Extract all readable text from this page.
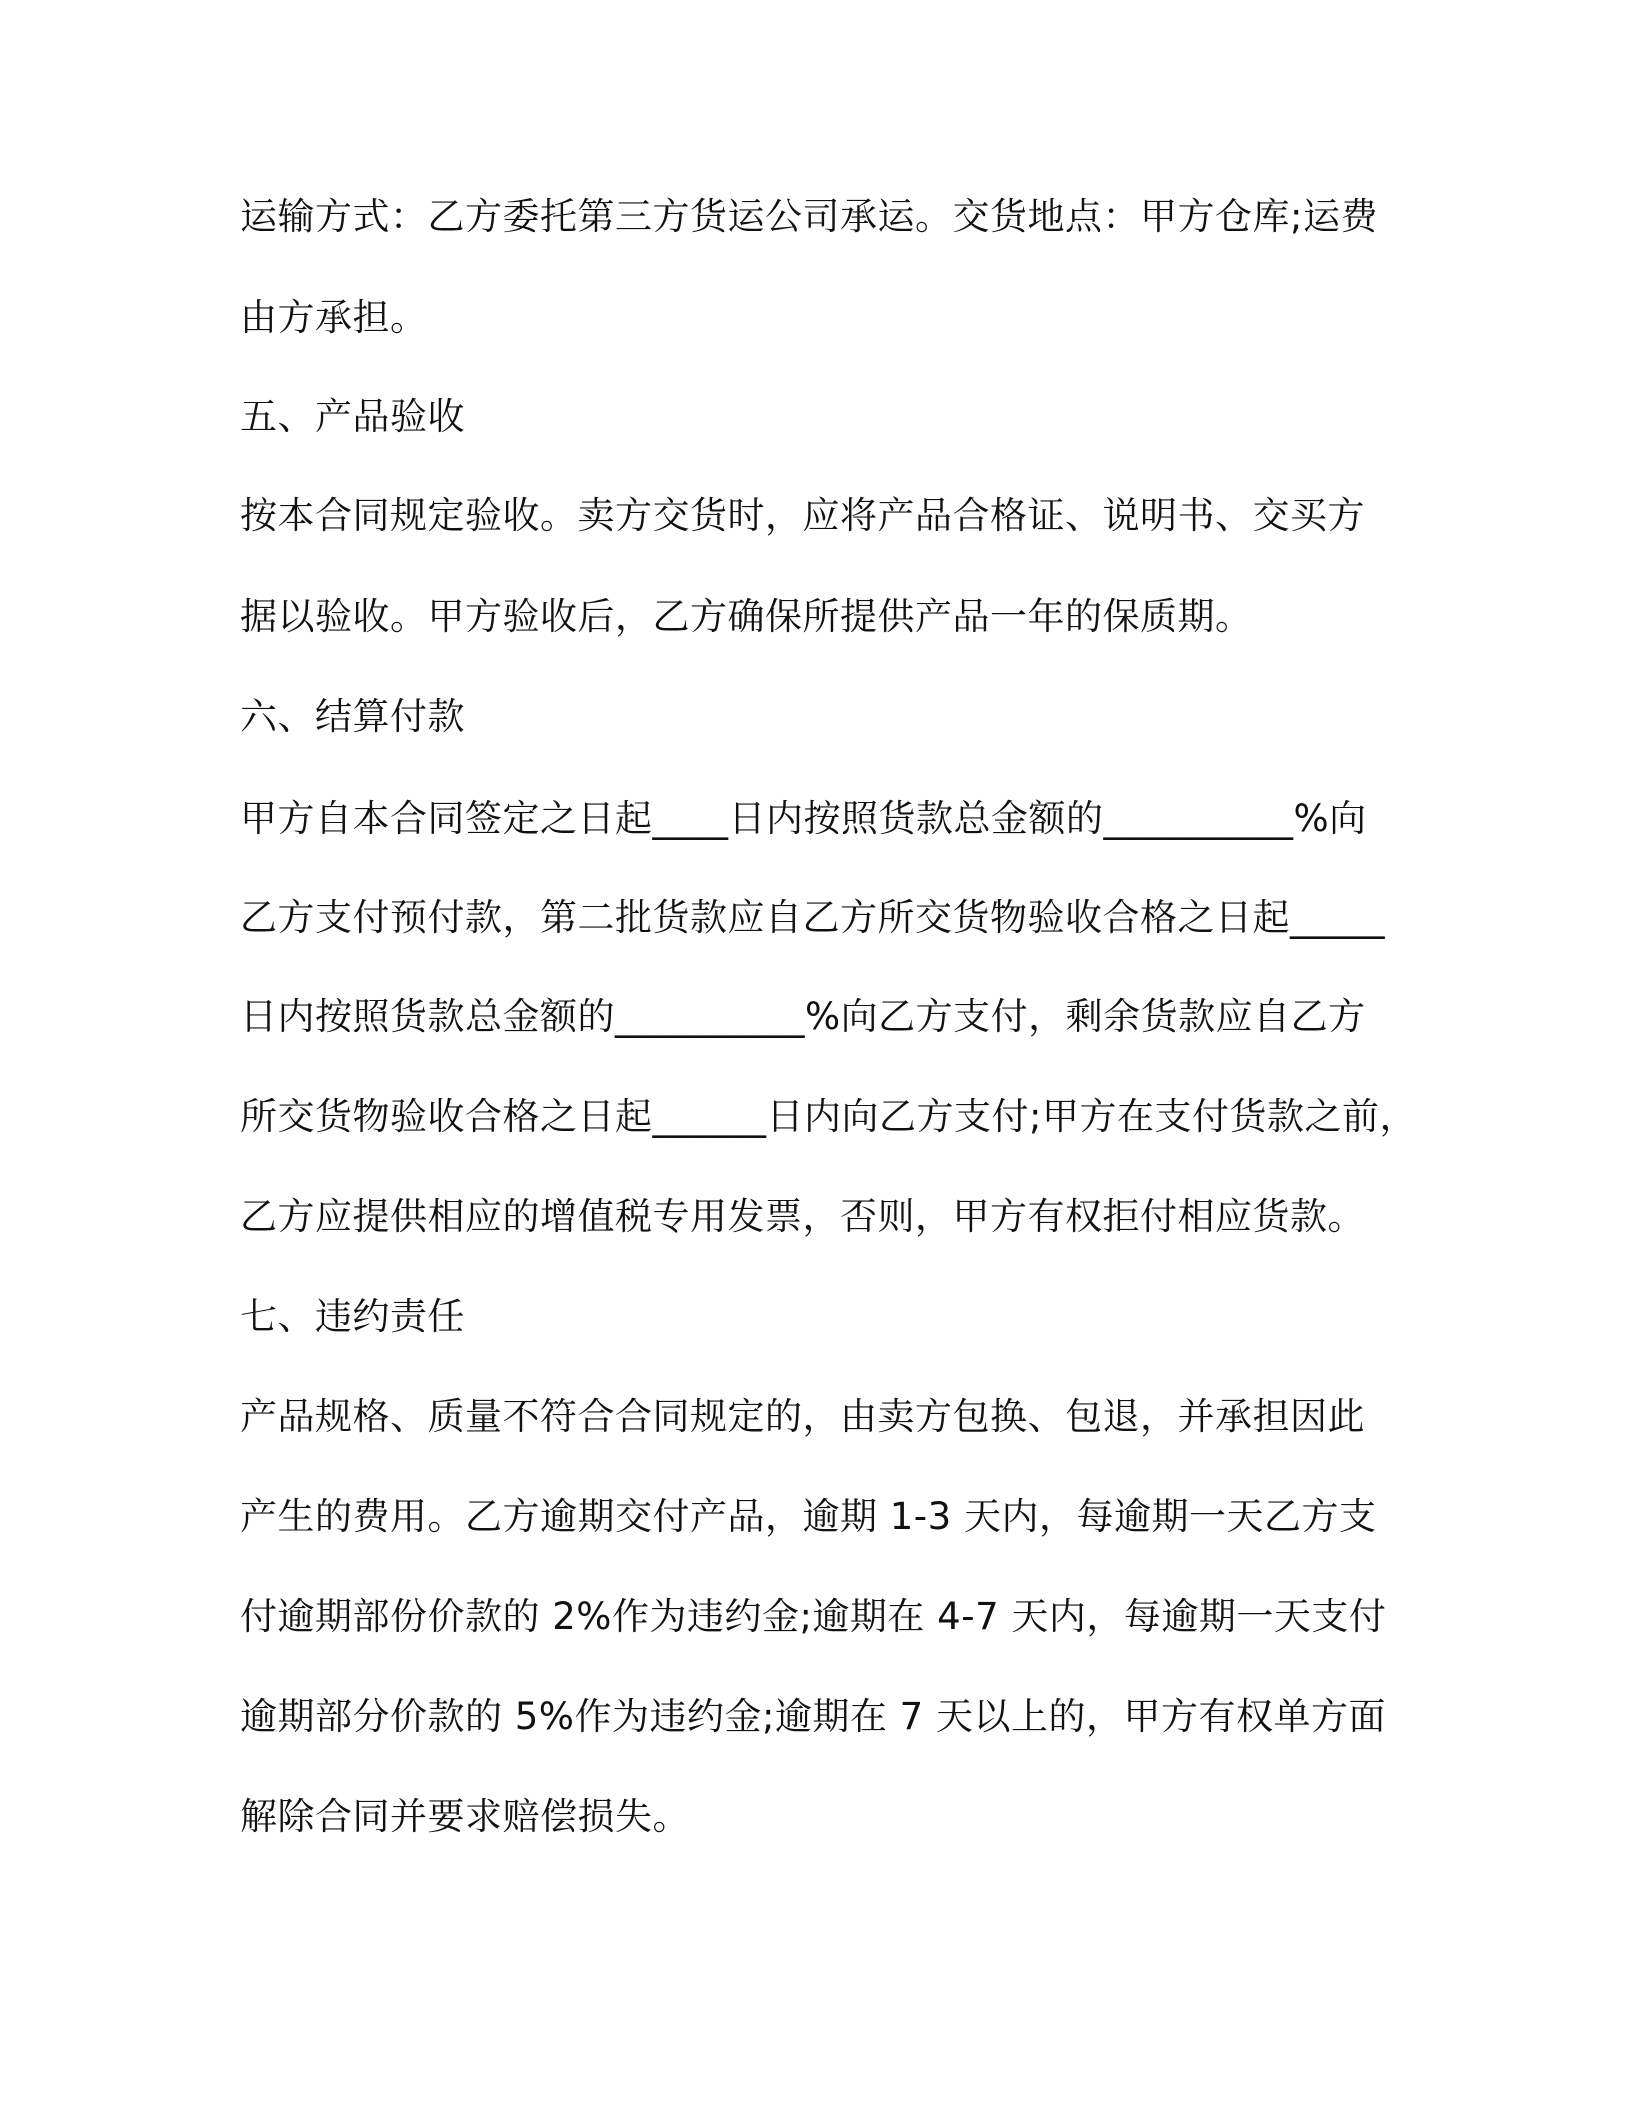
运输方式：乙方委托第三方货运公司承运。交货地点：甲方仓库;运费
由方承担。
五、产品验收
按本合同规定验收。卖方交货时，应将产品合格证、说明书、交买方
据以验收。甲方验收后，乙方确保所提供产品一年的保质期。
六、结算付款
甲方自本合同签定之日起____日内按照货款总金额的__________%向
乙方支付预付款，第二批货款应自乙方所交货物验收合格之日起_____
日内按照货款总金额的__________%向乙方支付，剩余货款应自乙方
所交货物验收合格之日起______日内向乙方支付;甲方在支付货款之前，
乙方应提供相应的增值税专用发票，否则，甲方有权拒付相应货款。
七、违约责任
产品规格、质量不符合合同规定的，由卖方包换、包退，并承担因此
产生的费用。乙方逾期交付产品，逾期 1-3 天内，每逾期一天乙方支
付逾期部份价款的 2%作为违约金;逾期在 4-7 天内，每逾期一天支付
逾期部分价款的 5%作为违约金;逾期在 7 天以上的，甲方有权单方面
解除合同并要求赔偿损失。
